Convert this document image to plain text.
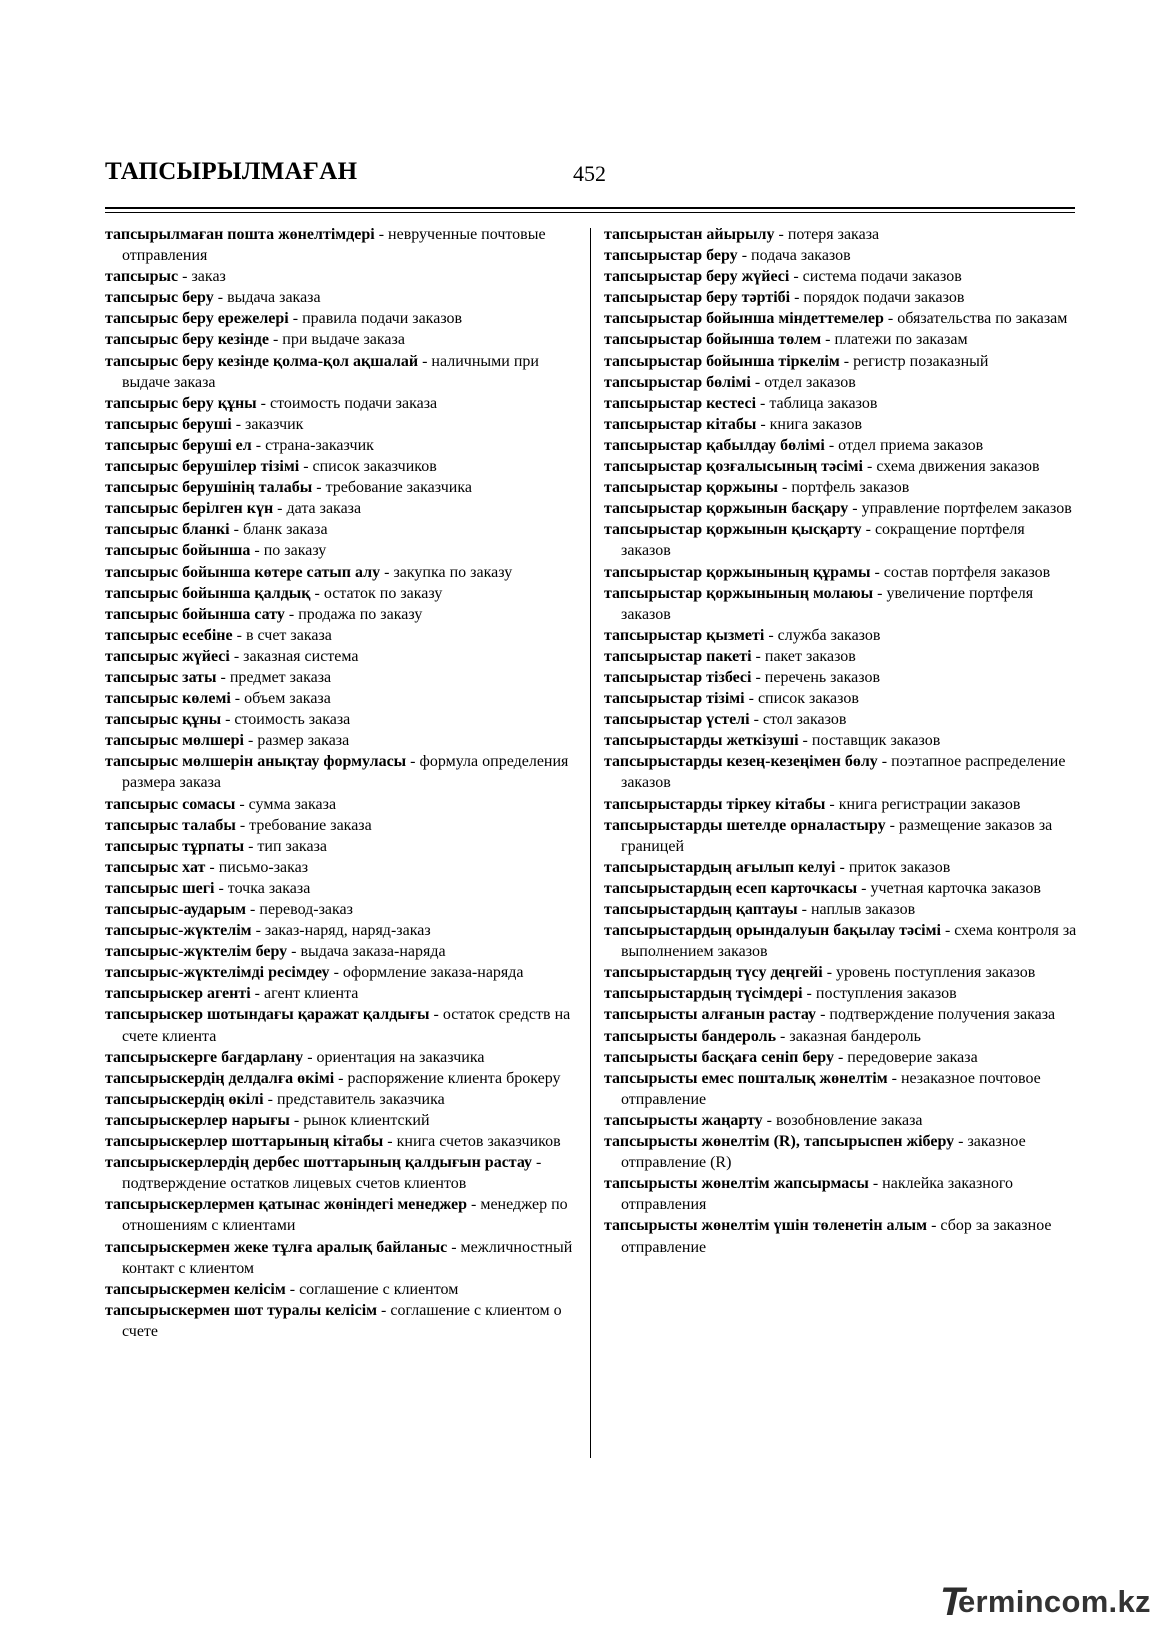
ТАПСЫРЫЛМАҒАН	452
тапсырылмаған пошта жөнелтімдері - неврученные почтовые отправления
тапсырыс - заказ
тапсырыс беру - выдача заказа
тапсырыс беру ережелері - правила подачи заказов
тапсырыс беру кезінде - при выдаче заказа
тапсырыс беру кезінде қолма-қол ақшалай - наличными при выдаче заказа
тапсырыс беру құны - стоимость подачи заказа
тапсырыс беруші - заказчик
тапсырыс беруші ел - страна-заказчик
тапсырыс берушілер тізімі - список заказчиков
тапсырыс берушінің талабы - требование заказчика
тапсырыс берілген күн - дата заказа
тапсырыс бланкі - бланк заказа
тапсырыс бойынша - по заказу
тапсырыс бойынша көтере сатып алу - закупка по заказу
тапсырыс бойынша қалдық - остаток по заказу
тапсырыс бойынша сату - продажа по заказу
тапсырыс есебіне - в счет заказа
тапсырыс жүйесі - заказная система
тапсырыс заты - предмет заказа
тапсырыс көлемі - объем заказа
тапсырыс құны - стоимость заказа
тапсырыс мөлшері - размер заказа
тапсырыс мөлшерін анықтау формуласы - формула определения размера заказа
тапсырыс сомасы - сумма заказа
тапсырыс талабы - требование заказа
тапсырыс тұрпаты - тип заказа
тапсырыс хат - письмо-заказ
тапсырыс шегі - точка заказа
тапсырыс-аударым - перевод-заказ
тапсырыс-жүктелім - заказ-наряд, наряд-заказ
тапсырыс-жүктелім беру - выдача заказа-наряда
тапсырыс-жүктелімді ресімдеу - оформление заказа-наряда
тапсырыскер агенті - агент клиента
тапсырыскер шотындағы қаражат қалдығы - остаток средств на счете клиента
тапсырыскерге бағдарлану - ориентация на заказчика
тапсырыскердің делдалға өкімі - распоряжение клиента брокеру
тапсырыскердің өкілі - представитель заказчика
тапсырыскерлер нарығы - рынок клиентский
тапсырыскерлер шоттарының кітабы - книга счетов заказчиков
тапсырыскерлердің дербес шоттарының қалдығын растау - подтверждение остатков лицевых счетов клиентов
тапсырыскерлермен қатынас жөніндегі менеджер - менеджер по отношениям с клиентами
тапсырыскермен жеке тұлға аралық байланыс - межличностный контакт с клиентом
тапсырыскермен келісім - соглашение с клиентом
тапсырыскермен шот туралы келісім - соглашение с клиентом о счете
тапсырыстан айырылу - потеря заказа
тапсырыстар беру - подача заказов
тапсырыстар беру жүйесі - система подачи заказов
тапсырыстар беру тәртібі - порядок подачи заказов
тапсырыстар бойынша міндеттемелер - обязательства по заказам
тапсырыстар бойынша төлем - платежи по заказам
тапсырыстар бойынша тіркелім - регистр позаказный
тапсырыстар бөлімі - отдел заказов
тапсырыстар кестесі - таблица заказов
тапсырыстар кітабы - книга заказов
тапсырыстар қабылдау бөлімі - отдел приема заказов
тапсырыстар қозғалысының тәсімі - схема движения заказов
тапсырыстар қоржыны - портфель заказов
тапсырыстар қоржынын басқару - управление портфелем заказов
тапсырыстар қоржынын қысқарту - сокращение портфеля заказов
тапсырыстар қоржынының құрамы - состав портфеля заказов
тапсырыстар қоржынының молаюы - увеличение портфеля заказов
тапсырыстар қызметі - служба заказов
тапсырыстар пакеті - пакет заказов
тапсырыстар тізбесі - перечень заказов
тапсырыстар тізімі - список заказов
тапсырыстар үстелі - стол заказов
тапсырыстарды жеткізуші - поставщик заказов
тапсырыстарды кезең-кезеңімен бөлу - поэтапное распределение заказов
тапсырыстарды тіркеу кітабы - книга регистрации заказов
тапсырыстарды шетелде орналастыру - размещение заказов за границей
тапсырыстардың ағылып келуі - приток заказов
тапсырыстардың есеп карточкасы - учетная карточка заказов
тапсырыстардың қаптауы - наплыв заказов
тапсырыстардың орындалуын бақылау тәсімі - схема контроля за выполнением заказов
тапсырыстардың түсу деңгейі - уровень поступления заказов
тапсырыстардың түсімдері - поступления заказов
тапсырысты алғанын растау - подтверждение получения заказа
тапсырысты бандероль - заказная бандероль
тапсырысты басқаға сеніп беру - передоверие заказа
тапсырысты емес пошталық жөнелтім - незаказное почтовое отправление
тапсырысты жаңарту - возобновление заказа
тапсырысты жөнелтім (R), тапсырыспен жіберу - заказное отправление (R)
тапсырысты жөнелтім жапсырмасы - наклейка заказного отправления
тапсырысты жөнелтім үшін төленетін алым - сбор за заказное отправление
T
ermincom.kz
